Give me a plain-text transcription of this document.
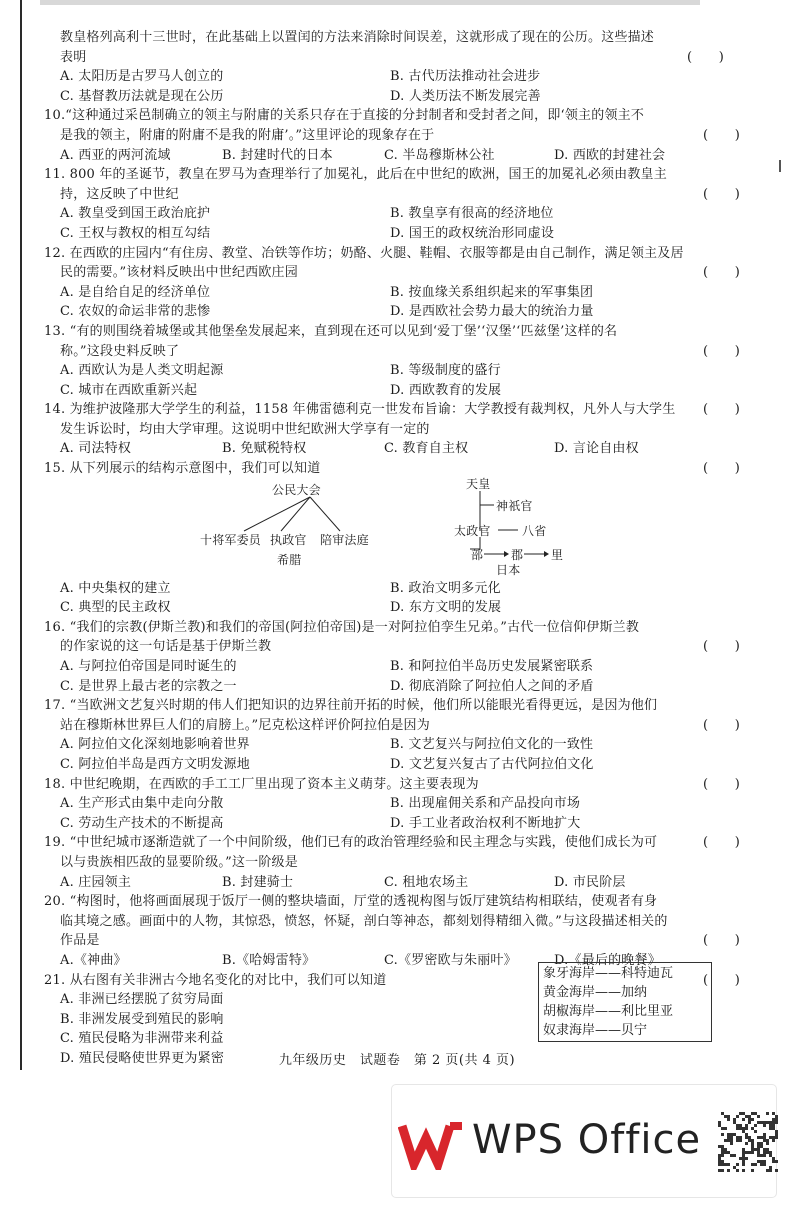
教皇格列高利十三世时，在此基础上以置闰的方法来消除时间误差，这就形成了现在的公历。这些描述
表明	(　　)
A. 太阳历是古罗马人创立的	B. 古代历法推动社会进步
C. 基督教历法就是现在公历	D. 人类历法不断发展完善
10.“这种通过采邑制确立的领主与附庸的关系只存在于直接的分封制者和受封者之间，即‘领主的领主不
是我的领主，附庸的附庸不是我的附庸’。”这里评论的现象存在于	(　　)
A. 西亚的两河流域	B. 封建时代的日本	C. 半岛穆斯林公社	D. 西欧的封建社会
11. 800 年的圣诞节，教皇在罗马为查理举行了加冕礼，此后在中世纪的欧洲，国王的加冕礼必须由教皇主
持，这反映了中世纪	(　　)
A. 教皇受到国王政治庇护	B. 教皇享有很高的经济地位
C. 王权与教权的相互勾结	D. 国王的政权统治形同虚设
12. 在西欧的庄园内“有住房、教堂、冶铁等作坊；奶酪、火腿、鞋帽、衣服等都是由自己制作，满足领主及居
民的需要。”该材料反映出中世纪西欧庄园	(　　)
A. 是自给自足的经济单位	B. 按血缘关系组织起来的军事集团
C. 农奴的命运非常的悲惨	D. 是西欧社会势力最大的统治力量
13. “有的则围绕着城堡或其他堡垒发展起来，直到现在还可以见到‘爱丁堡’‘汉堡’‘匹兹堡’这样的名
称。”这段史料反映了	(　　)
A. 西欧认为是人类文明起源	B. 等级制度的盛行
C. 城市在西欧重新兴起	D. 西欧教育的发展
14. 为维护波隆那大学学生的利益，1158 年佛雷德利克一世发布旨谕：大学教授有裁判权，凡外人与大学生
发生诉讼时，均由大学审理。这说明中世纪欧洲大学享有一定的
(　　)
A. 司法特权	B. 免赋税特权	C. 教育自主权	D. 言论自由权
15. 从下列展示的结构示意图中，我们可以知道	(　　)
公民大会
十将军委员 执政官 陪审法庭
希腊
天皇
神祇官
太政官	八省
部 郡 里
日本
A. 中央集权的建立	B. 政治文明多元化
C. 典型的民主政权	D. 东方文明的发展
16. “我们的宗教(伊斯兰教)和我们的帝国(阿拉伯帝国)是一对阿拉伯孪生兄弟。”古代一位信仰伊斯兰教
的作家说的这一句话是基于伊斯兰教	(　　)
A. 与阿拉伯帝国是同时诞生的	B. 和阿拉伯半岛历史发展紧密联系
C. 是世界上最古老的宗教之一	D. 彻底消除了阿拉伯人之间的矛盾
17. “当欧洲文艺复兴时期的伟人们把知识的边界往前开拓的时候，他们所以能眼光看得更远，是因为他们
站在穆斯林世界巨人们的肩膀上。”尼克松这样评价阿拉伯是因为	(　　)
A. 阿拉伯文化深刻地影响着世界	B. 文艺复兴与阿拉伯文化的一致性
C. 阿拉伯半岛是西方文明发源地	D. 文艺复兴复古了古代阿拉伯文化
18. 中世纪晚期，在西欧的手工工厂里出现了资本主义萌芽。这主要表现为	(　　)
A. 生产形式由集中走向分散	B. 出现雇佣关系和产品投向市场
C. 劳动生产技术的不断提高	D. 手工业者政治权利不断地扩大
19. “中世纪城市逐渐造就了一个中间阶级，他们已有的政治管理经验和民主理念与实践，使他们成长为可
以与贵族相匹敌的显要阶级。”这一阶级是
(　　)
A. 庄园领主	B. 封建骑士	C. 租地农场主	D. 市民阶层
20. “构图时，他将画面展现于饭厅一侧的整块墙面，厅堂的透视构图与饭厅建筑结构相联结，使观者有身
临其境之感。画面中的人物，其惊恐，愤怒，怀疑，剖白等神态，都刻划得精细入微。”与这段描述相关的
作品是	(　　)
A.《神曲》	B.《哈姆雷特》	C.《罗密欧与朱丽叶》	D.《最后的晚餐》
21. 从右图有关非洲古今地名变化的对比中，我们可以知道	(　　)
A. 非洲已经摆脱了贫穷局面
B. 非洲发展受到殖民的影响
C. 殖民侵略为非洲带来利益
D. 殖民侵略使世界更为紧密
象牙海岸——科特迪瓦
黄金海岸——加纳
胡椒海岸——利比里亚
奴隶海岸——贝宁
九年级历史　试题卷　第 2 页(共 4 页)
WPS Office
